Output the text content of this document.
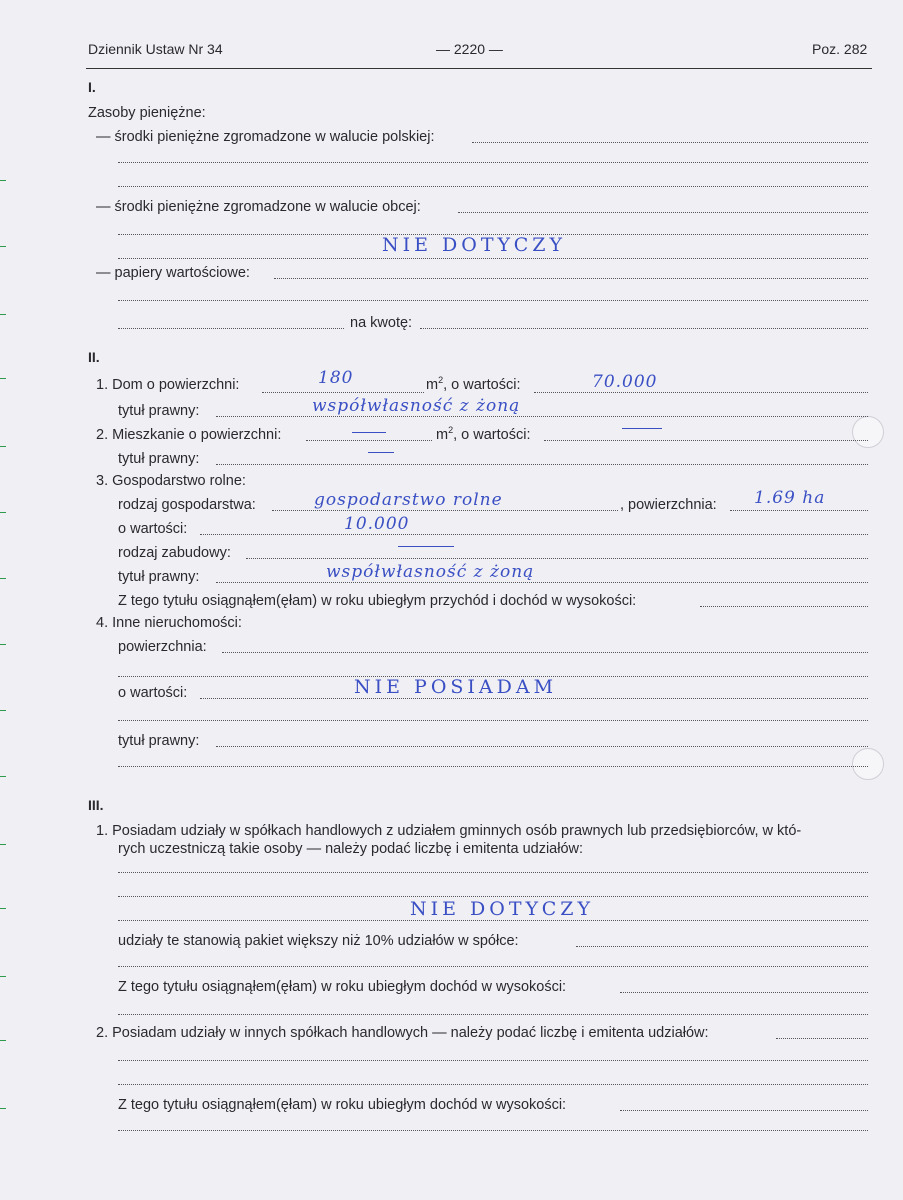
Dziennik Ustaw Nr 34	— 2220 —	Poz. 282
I.
Zasoby pieniężne:
— środki pieniężne zgromadzone w walucie polskiej:
— środki pieniężne zgromadzone w walucie obcej:
NIE DOTYCZY
— papiery wartościowe:
na kwotę:
II.
1. Dom o powierzchni:	180	$m^2$, o wartości:	70.000
tytuł prawny:	współwłasność z żoną
2. Mieszkanie o powierzchni:	$m^2$, o wartości:
tytuł prawny:
3. Gospodarstwo rolne:
rodzaj gospodarstwa:	gospodarstwo rolne	, powierzchnia: 1.69 ha
o wartości:	10.000
rodzaj zabudowy:
tytuł prawny:	współwłasność z żoną
Z tego tytułu osiągnąłem(ęłam) w roku ubiegłym przychód i dochód w wysokości:
4. Inne nieruchomości:
powierzchnia:
o wartości:	NIE POSIADAM
tytuł prawny:
III.
1. Posiadam udziały w spółkach handlowych z udziałem gminnych osób prawnych lub przedsiębiorców, w któ-
rych uczestniczą takie osoby — należy podać liczbę i emitenta udziałów:
NIE DOTYCZY
udziały te stanowią pakiet większy niż 10% udziałów w spółce:
Z tego tytułu osiągnąłem(ęłam) w roku ubiegłym dochód w wysokości:
2. Posiadam udziały w innych spółkach handlowych — należy podać liczbę i emitenta udziałów:
Z tego tytułu osiągnąłem(ęłam) w roku ubiegłym dochód w wysokości:
